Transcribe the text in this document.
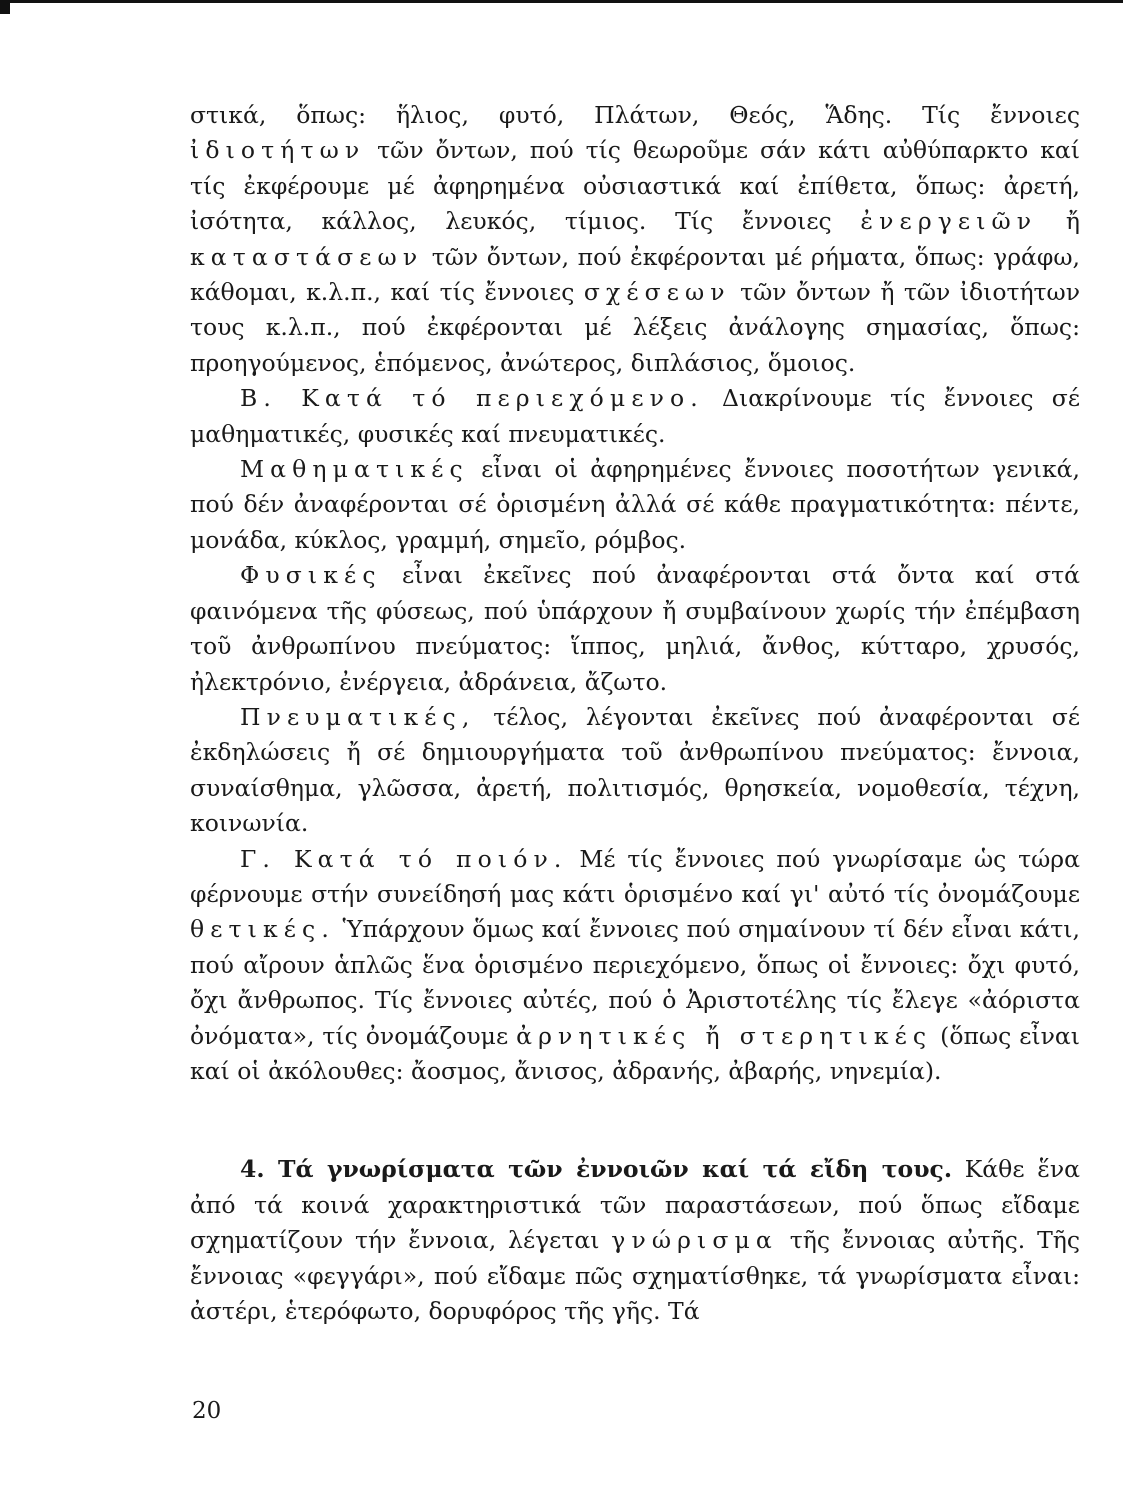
στικά, ὅπως: ἥλιος, φυτό, Πλάτων, Θεός, Ἅδης. Τίς ἔννοιες ἰδιοτήτων τῶν ὄντων, πού τίς θεωροῦμε σάν κάτι αὐθύπαρκτο καί τίς ἐκφέρουμε μέ ἀφηρημένα οὐσιαστικά καί ἐπίθετα, ὅπως: ἀρετή, ἰσότητα, κάλλος, λευκός, τίμιος. Τίς ἔννοιες ἐνεργειῶν ἤ καταστάσεων τῶν ὄντων, πού ἐκφέρονται μέ ρήματα, ὅπως: γράφω, κάθομαι, κ.λ.π., καί τίς ἔννοιες σχέσεων τῶν ὄντων ἤ τῶν ἰδιοτήτων τους κ.λ.π., πού ἐκφέρονται μέ λέξεις ἀνάλογης σημασίας, ὅπως: προηγούμενος, ἑπόμενος, ἀνώτερος, διπλάσιος, ὅμοιος.

Β. Κατά τό περιεχόμενο. Διακρίνουμε τίς ἔννοιες σέ μαθηματικές, φυσικές καί πνευματικές.

Μαθηματικές εἶναι οἱ ἀφηρημένες ἔννοιες ποσοτήτων γενικά, πού δέν ἀναφέρονται σέ ὁρισμένη ἀλλά σέ κάθε πραγματικότητα: πέντε, μονάδα, κύκλος, γραμμή, σημεῖο, ρόμβος.

Φυσικές εἶναι ἐκεῖνες πού ἀναφέρονται στά ὄντα καί στά φαινόμενα τῆς φύσεως, πού ὑπάρχουν ἤ συμβαίνουν χωρίς τήν ἐπέμβαση τοῦ ἀνθρωπίνου πνεύματος: ἵππος, μηλιά, ἄνθος, κύτταρο, χρυσός, ἠλεκτρόνιο, ἐνέργεια, ἀδράνεια, ἄζωτο.

Πνευματικές, τέλος, λέγονται ἐκεῖνες πού ἀναφέρονται σέ ἐκδηλώσεις ἤ σέ δημιουργήματα τοῦ ἀνθρωπίνου πνεύματος: ἔννοια, συναίσθημα, γλῶσσα, ἀρετή, πολιτισμός, θρησκεία, νομοθεσία, τέχνη, κοινωνία.

Γ. Κατά τό ποιόν. Μέ τίς ἔννοιες πού γνωρίσαμε ὡς τώρα φέρνουμε στήν συνείδησή μας κάτι ὁρισμένο καί γι' αὐτό τίς ὀνομάζουμε θετικές. Ὑπάρχουν ὅμως καί ἔννοιες πού σημαίνουν τί δέν εἶναι κάτι, πού αἴρουν ἁπλῶς ἕνα ὁρισμένο περιεχόμενο, ὅπως οἱ ἔννοιες: ὄχι φυτό, ὄχι ἄνθρωπος. Τίς ἔννοιες αὐτές, πού ὁ Ἀριστοτέλης τίς ἔλεγε «ἀόριστα ὀνόματα», τίς ὀνομάζουμε ἀρνητικές ἤ στερητικές (ὅπως εἶναι καί οἱ ἀκόλουθες: ἄοσμος, ἄνισος, ἀδρανής, ἀβαρής, νηνεμία).

4. Τά γνωρίσματα τῶν ἐννοιῶν καί τά εἴδη τους. Κάθε ἕνα ἀπό τά κοινά χαρακτηριστικά τῶν παραστάσεων, πού ὅπως εἴδαμε σχηματίζουν τήν ἔννοια, λέγεται γνώρισμα τῆς ἔννοιας αὐτῆς. Τῆς ἔννοιας «φεγγάρι», πού εἴδαμε πῶς σχηματίσθηκε, τά γνωρίσματα εἶναι: ἀστέρι, ἑτερόφωτο, δορυφόρος τῆς γῆς. Τά

20
